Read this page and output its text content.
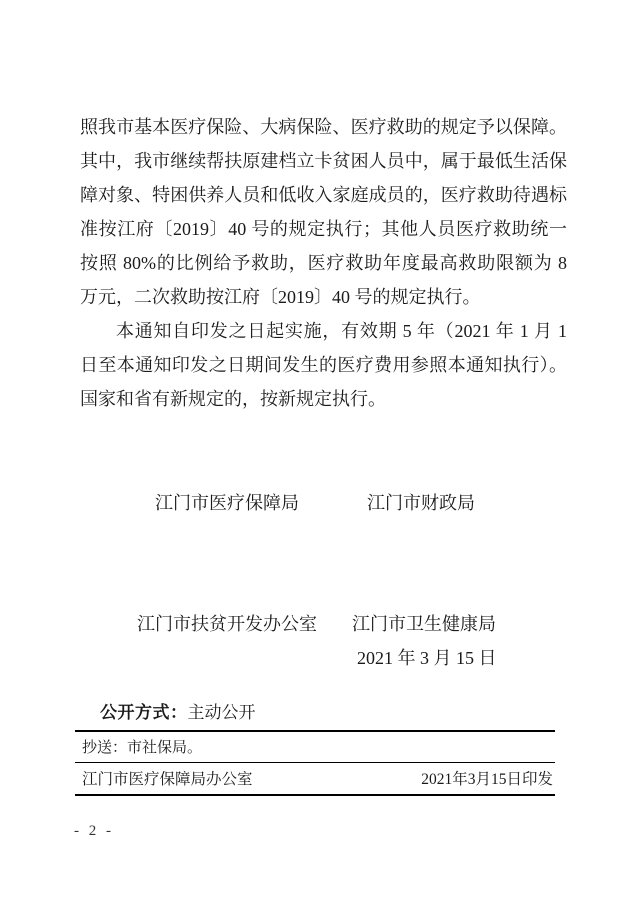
照我市基本医疗保险、大病保险、医疗救助的规定予以保障。其中，我市继续帮扶原建档立卡贫困人员中，属于最低生活保障对象、特困供养人员和低收入家庭成员的，医疗救助待遇标准按江府〔2019〕40 号的规定执行；其他人员医疗救助统一按照 80%的比例给予救助，医疗救助年度最高救助限额为 8 万元，二次救助按江府〔2019〕40 号的规定执行。

本通知自印发之日起实施，有效期 5 年（2021 年 1 月 1 日至本通知印发之日期间发生的医疗费用参照本通知执行）。国家和省有新规定的，按新规定执行。

江门市医疗保障局	江门市财政局
江门市扶贫开发办公室 江门市卫生健康局
2021 年 3 月 15 日
公开方式：主动公开
抄送：市社保局。
江门市医疗保障局办公室	2021年3月15日印发
- 2 -
